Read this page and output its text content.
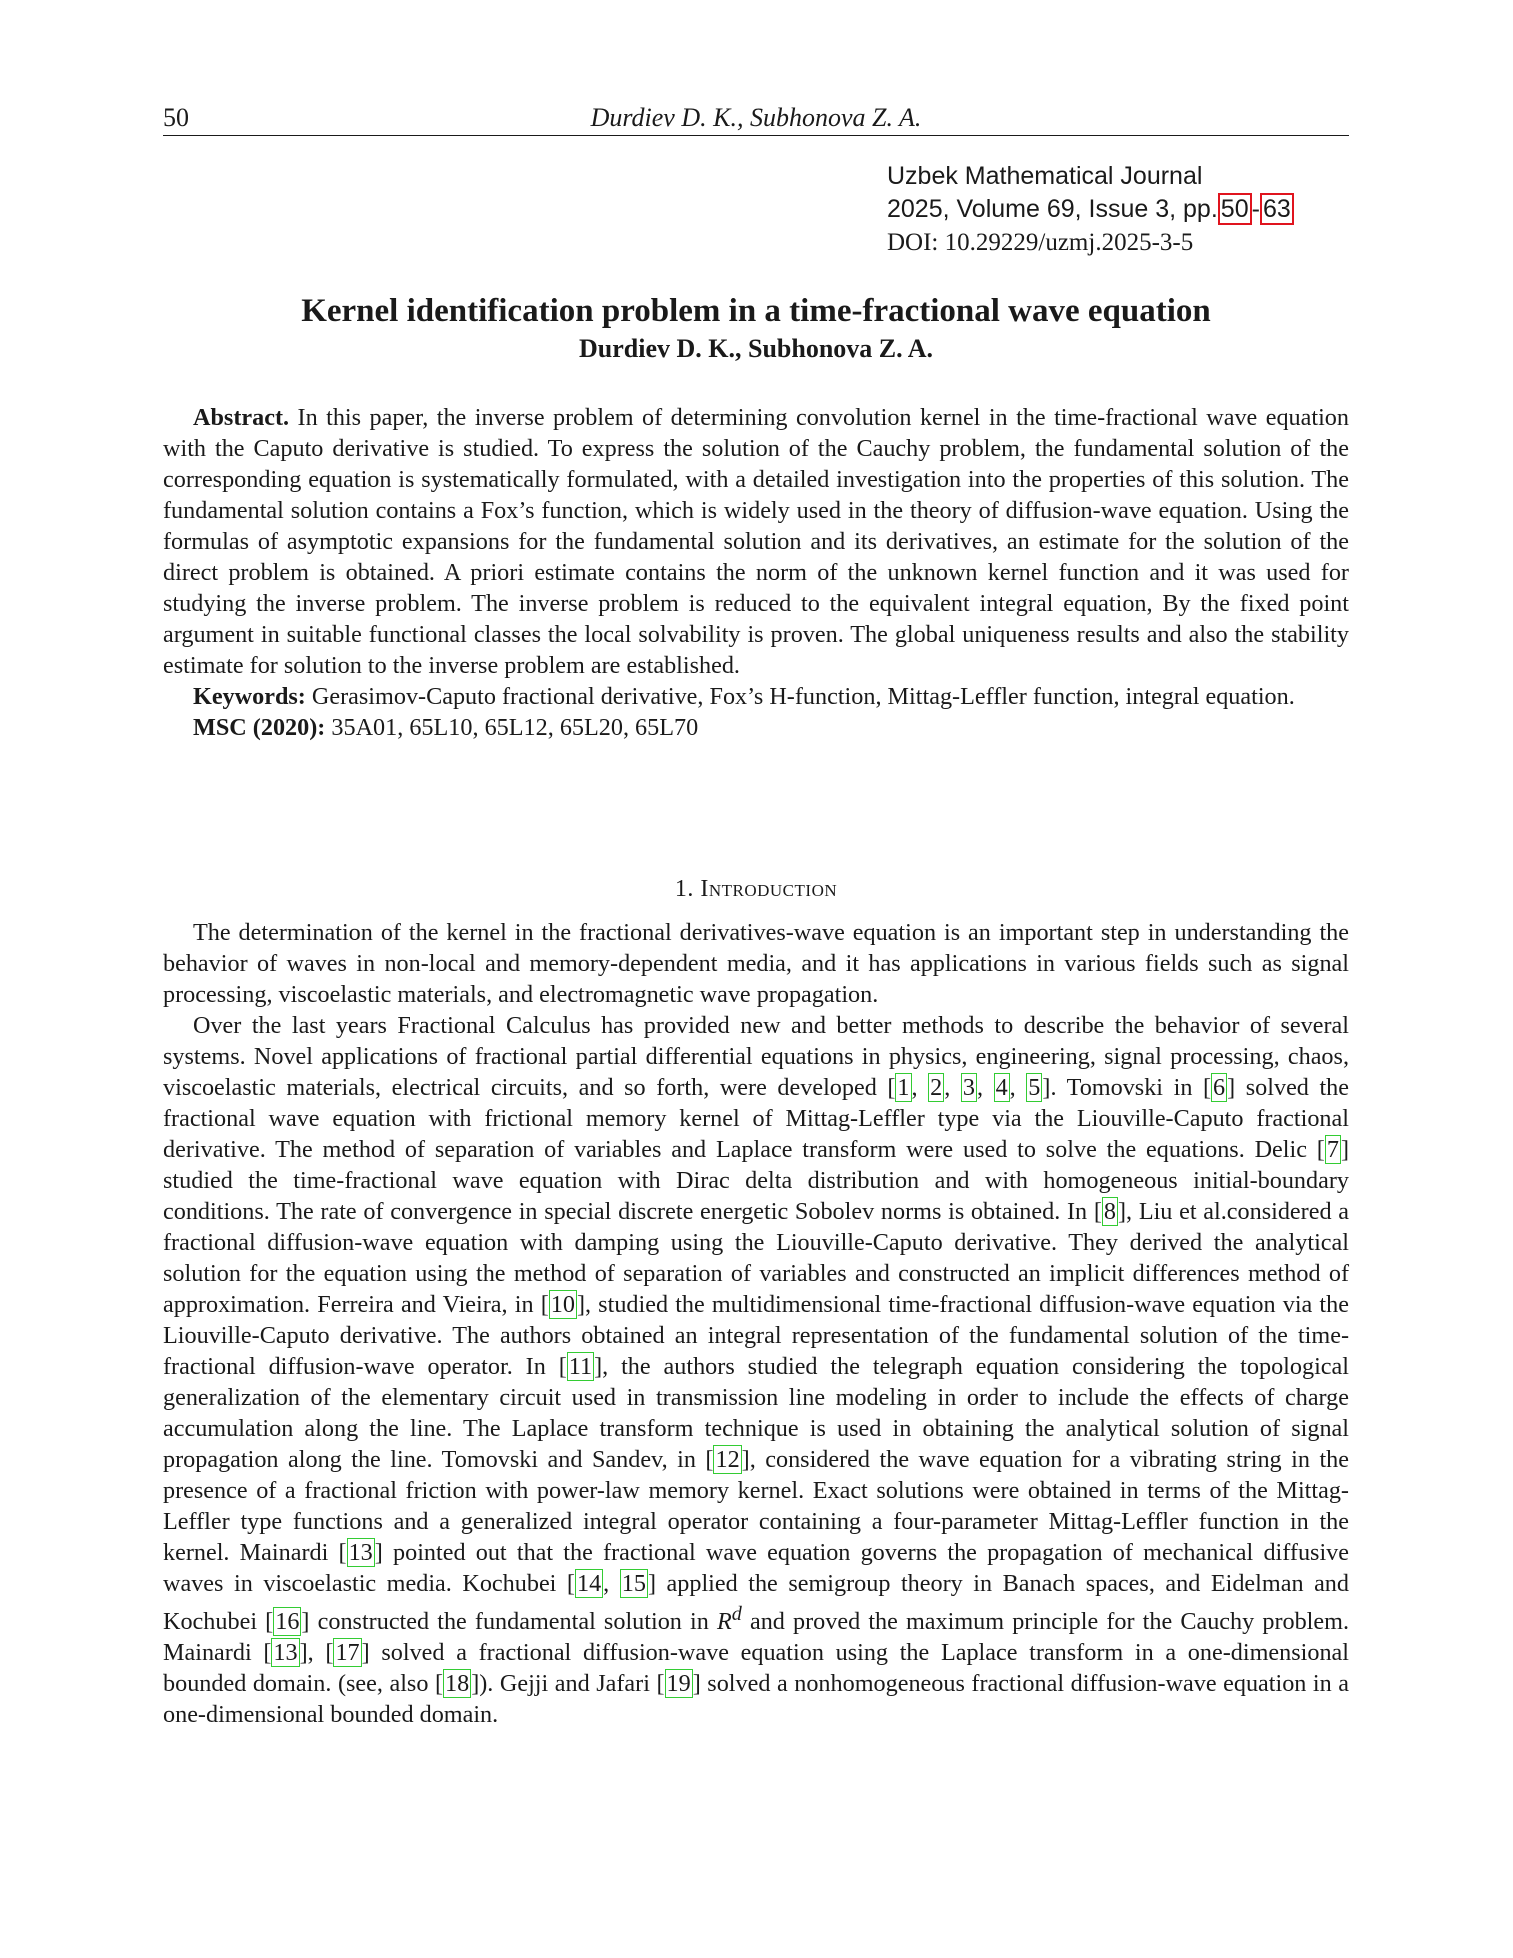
50	Durdiev D. K., Subhonova Z. A.
Uzbek Mathematical Journal
2025, Volume 69, Issue 3, pp. 50 - 63
DOI: 10.29229/uzmj.2025-3-5
Kernel identification problem in a time-fractional wave equation
Durdiev D. K., Subhonova Z. A.

Abstract. In this paper, the inverse problem of determining convolution kernel in the time-fractional wave equation with the Caputo derivative is studied. To express the solution of the Cauchy problem, the fundamental solution of the corresponding equation is systematically formulated, with a detailed investigation into the properties of this solution. The fundamental solution contains a Fox’s function, which is widely used in the theory of diffusion-wave equation. Using the formulas of asymptotic expansions for the fundamental solution and its derivatives, an estimate for the solution of the direct problem is obtained. A priori estimate contains the norm of the unknown kernel function and it was used for studying the inverse problem. The inverse problem is reduced to the equivalent integral equation, By the fixed point argument in suitable functional classes the local solvability is proven. The global uniqueness results and also the stability estimate for solution to the inverse problem are established.

Keywords: Gerasimov-Caputo fractional derivative, Fox’s H-function, Mittag-Leffler function, integral equation.

MSC (2020): 35A01, 65L10, 65L12, 65L20, 65L70

1. Introduction

The determination of the kernel in the fractional derivatives-wave equation is an important step in understanding the behavior of waves in non-local and memory-dependent media, and it has applications in various fields such as signal processing, viscoelastic materials, and electromagnetic wave propagation.

Over the last years Fractional Calculus has provided new and better methods to describe the behavior of several systems. Novel applications of fractional partial differential equations in physics, engineering, signal processing, chaos, viscoelastic materials, electrical circuits, and so forth, were developed [1, 2, 3, 4, 5]. Tomovski in [6] solved the fractional wave equation with frictional memory kernel of Mittag-Leffler type via the Liouville-Caputo fractional derivative. The method of separation of variables and Laplace transform were used to solve the equations. Delic [7] studied the time-fractional wave equation with Dirac delta distribution and with homogeneous initial-boundary conditions. The rate of convergence in special discrete energetic Sobolev norms is obtained. In [8], Liu et al.considered a fractional diffusion-wave equation with damping using the Liouville-Caputo derivative. They derived the analytical solution for the equation using the method of separation of variables and constructed an implicit differences method of approximation. Ferreira and Vieira, in [10], studied the multidimensional time-fractional diffusion-wave equation via the Liouville-Caputo derivative. The authors obtained an integral representation of the fundamental solution of the time-fractional diffusion-wave operator. In [11], the authors studied the telegraph equation considering the topological generalization of the elementary circuit used in transmission line modeling in order to include the effects of charge accumulation along the line. The Laplace transform technique is used in obtaining the analytical solution of signal propagation along the line. Tomovski and Sandev, in [12], considered the wave equation for a vibrating string in the presence of a fractional friction with power-law memory kernel. Exact solutions were obtained in terms of the Mittag-Leffler type functions and a generalized integral operator containing a four-parameter Mittag-Leffler function in the kernel. Mainardi [13] pointed out that the fractional wave equation governs the propagation of mechanical diffusive waves in viscoelastic media. Kochubei [14, 15] applied the semigroup theory in Banach spaces, and Eidelman and Kochubei [16] constructed the fundamental solution in $R^d$ and proved the maximum principle for the Cauchy problem. Mainardi [13], [17] solved a fractional diffusion-wave equation using the Laplace transform in a one-dimensional bounded domain. (see, also [18]). Gejji and Jafari [19] solved a nonhomogeneous fractional diffusion-wave equation in a one-dimensional bounded domain.
